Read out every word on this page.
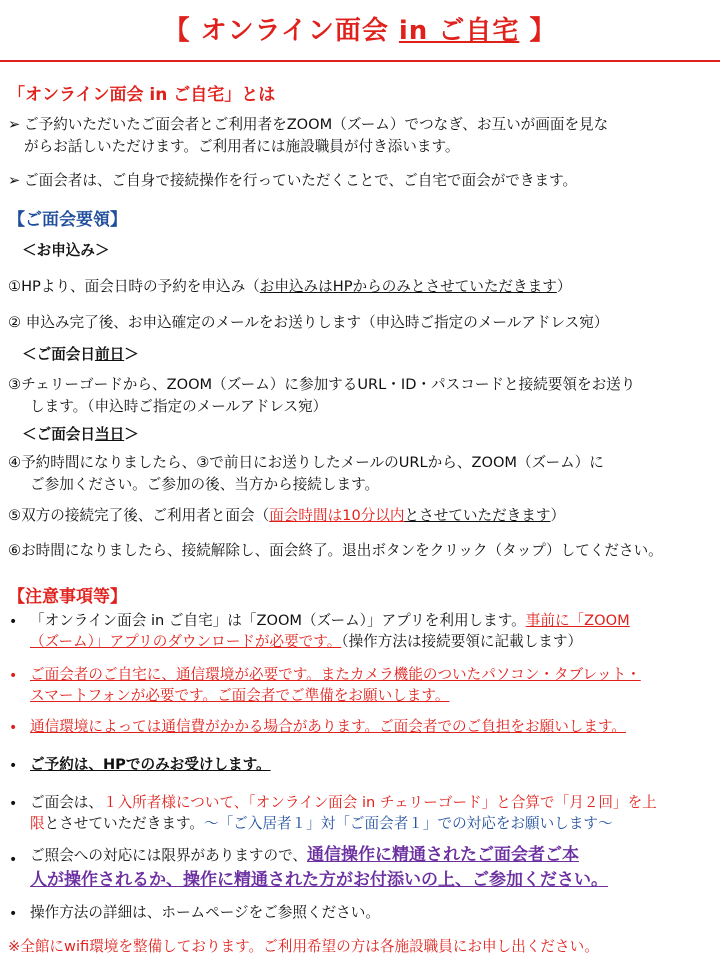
【 オンライン面会 in ご自宅 】
「オンライン面会 in ご自宅」とは
➢ ご予約いただいたご面会者とご利用者をZOOM（ズーム）でつなぎ、お互いが画面を見な
がらお話しいただけます。ご利用者には施設職員が付き添います。
➢ ご面会者は、ご自身で接続操作を行っていただくことで、ご自宅で面会ができます。
【ご面会要領】
＜お申込み＞
①HPより、面会日時の予約を申込み（お申込みはHPからのみとさせていただきます）
② 申込み完了後、お申込確定のメールをお送りします（申込時ご指定のメールアドレス宛）
＜ご面会日前日＞
③チェリーゴードから、ZOOM（ズーム）に参加するURL・ID・パスコードと接続要領をお送り
します。（申込時ご指定のメールアドレス宛）
＜ご面会日当日＞
④予約時間になりましたら、③で前日にお送りしたメールのURLから、ZOOM（ズーム）に
ご参加ください。ご参加の後、当方から接続します。
⑤双方の接続完了後、ご利用者と面会（面会時間は10分以内とさせていただきます）
⑥お時間になりましたら、接続解除し、面会終了。退出ボタンをクリック（タップ）してください。
【注意事項等】
• 「オンライン面会 in ご自宅」は「ZOOM（ズーム）」アプリを利用します。事前に「ZOOM
（ズーム）」アプリのダウンロードが必要です。（操作方法は接続要領に記載します）
• ご面会者のご自宅に、通信環境が必要です。またカメラ機能のついたパソコン・タブレット・
スマートフォンが必要です。ご面会者でご準備をお願いします。
• 通信環境によっては通信費がかかる場合があります。ご面会者でのご負担をお願いします。
• ご予約は、HPでのみお受けします。
• ご面会は、１入所者様について、「オンライン面会 in チェリーゴード」と合算で「月２回」を上
限とさせていただきます。～「ご入居者１」対「ご面会者１」での対応をお願いします～
• ご照会への対応には限界がありますので、通信操作に精通されたご面会者ご本
人が操作されるか、操作に精通された方がお付添いの上、ご参加ください。
• 操作方法の詳細は、ホームページをご参照ください。
※全館にwifi環境を整備しております。ご利用希望の方は各施設職員にお申し出ください。
